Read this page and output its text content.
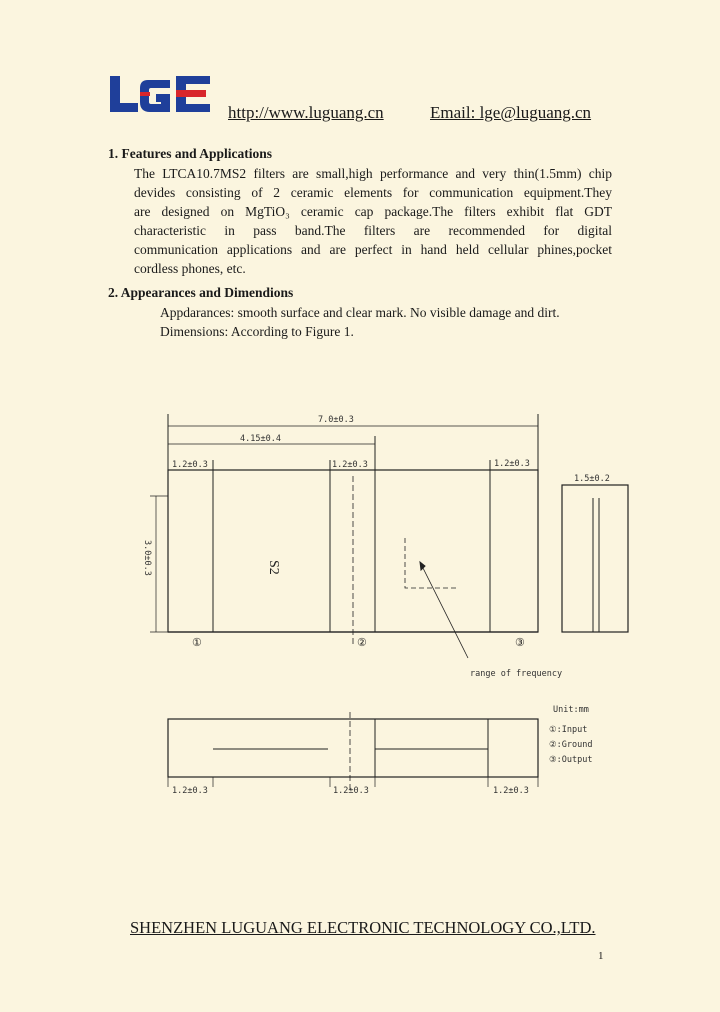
LGE
http://www.luguang.cn	Email: lge@luguang.cn
1. Features and Applications
The LTCA10.7MS2 filters are small,high performance and very thin(1.5mm) chip
devides consisting of 2 ceramic elements for communication equipment.They
are designed on MgTiO₃ ceramic cap package.The filters exhibit flat GDT
characteristic in pass band.The filters are recommended for digital
communication applications and are perfect in hand held cellular phines,pocket
cordless phones, etc.
2. Appearances and Dimendions
Appdarances: smooth surface and clear mark. No visible damage and dirt.
Dimensions: According to Figure 1.
7.0±0.3
4.15±0.4
1.2±0.3	1.2±0.3	1.2±0.3
S2
3.0±0.3
range of frequency
①	②	③
1.5±0.2
1.2±0.3	1.2±0.3	1.2±0.3
Unit:mm
①:Input
②:Ground
③:Output
SHENZHEN LUGUANG ELECTRONIC TECHNOLOGY CO.,LTD.
1
